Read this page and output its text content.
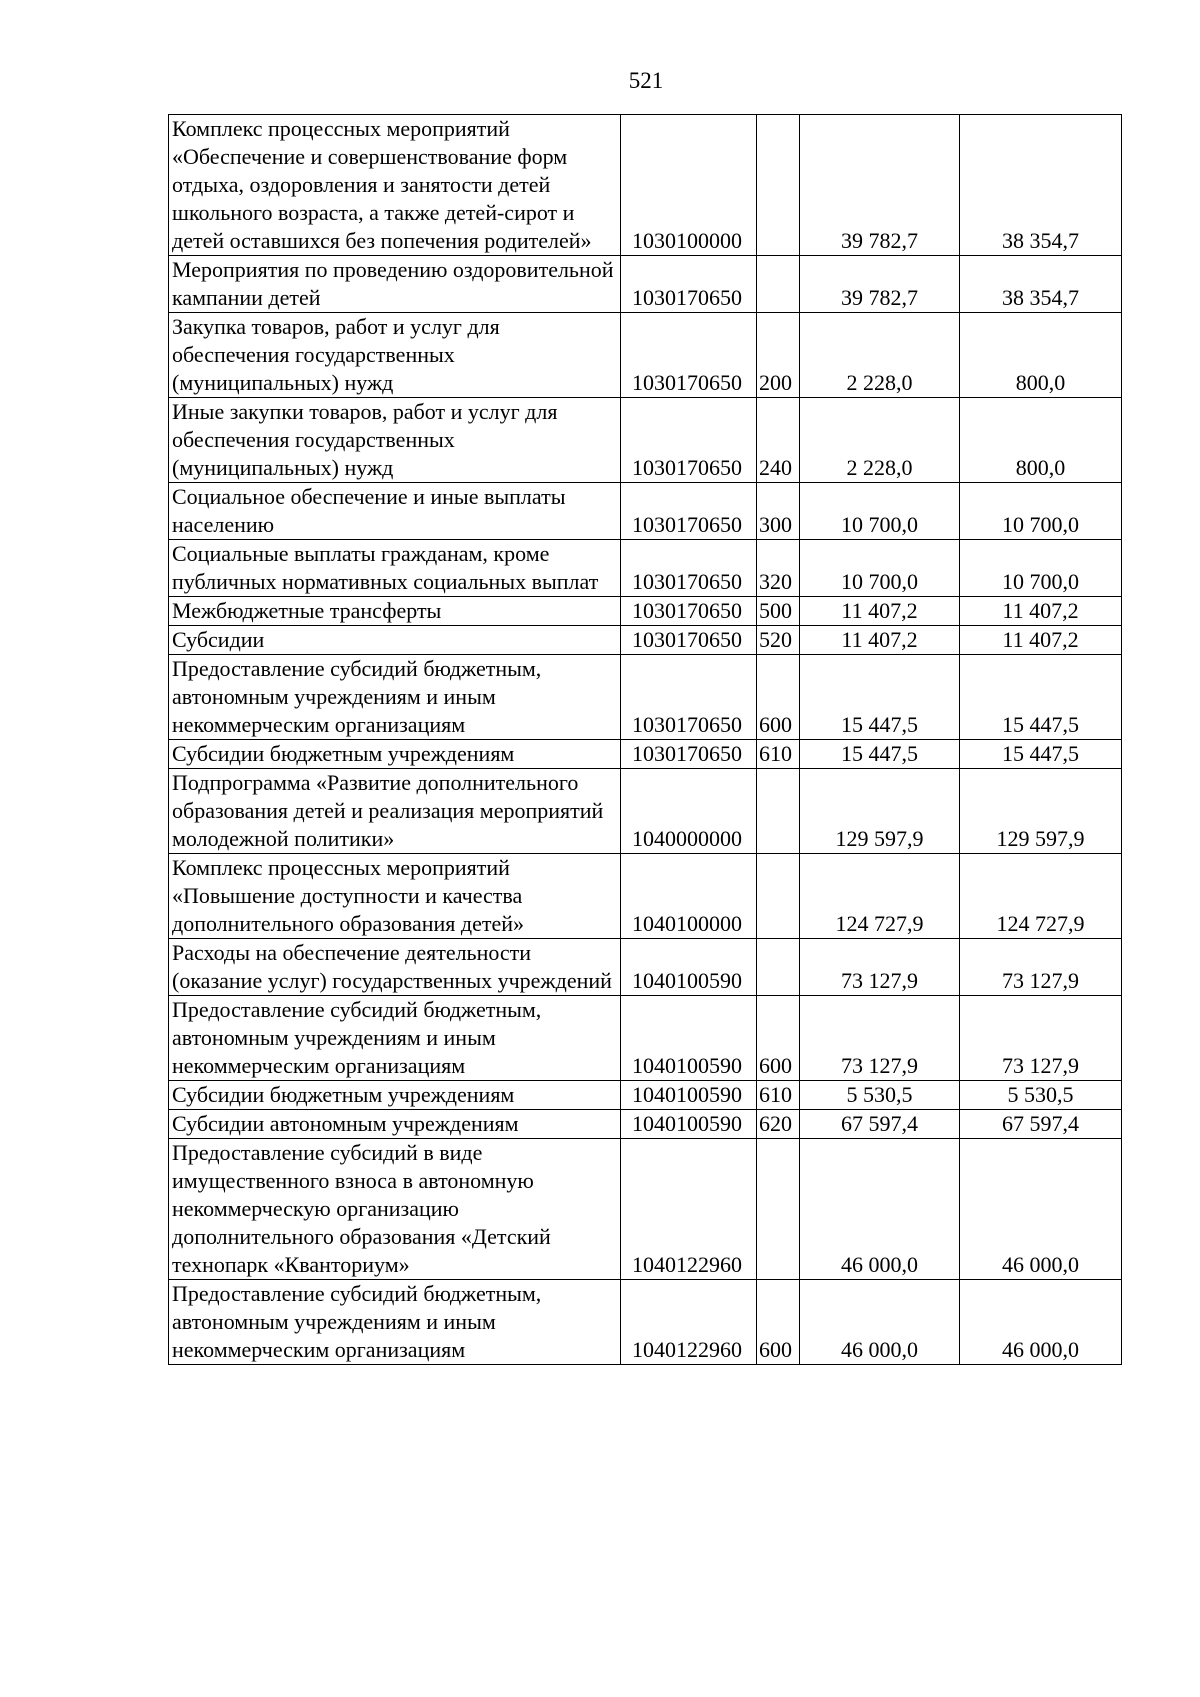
521
Комплекс процессных мероприятий «Обеспечение и совершенствование форм отдыха, оздоровления и занятости детей школьного возраста, а также детей-сирот и детей оставшихся без попечения родителей»	1030100000		39 782,7	38 354,7
Мероприятия по проведению оздоровительной кампании детей	1030170650		39 782,7	38 354,7
Закупка товаров, работ и услуг для обеспечения государственных (муниципальных) нужд	1030170650	200	2 228,0	800,0
Иные закупки товаров, работ и услуг для обеспечения государственных (муниципальных) нужд	1030170650	240	2 228,0	800,0
Социальное обеспечение и иные выплаты населению	1030170650	300	10 700,0	10 700,0
Социальные выплаты гражданам, кроме публичных нормативных социальных выплат	1030170650	320	10 700,0	10 700,0
Межбюджетные трансферты	1030170650	500	11 407,2	11 407,2
Субсидии	1030170650	520	11 407,2	11 407,2
Предоставление субсидий бюджетным, автономным учреждениям и иным некоммерческим организациям	1030170650	600	15 447,5	15 447,5
Субсидии бюджетным учреждениям	1030170650	610	15 447,5	15 447,5
Подпрограмма «Развитие дополнительного образования детей и реализация мероприятий молодежной политики»	1040000000		129 597,9	129 597,9
Комплекс процессных мероприятий «Повышение доступности и качества дополнительного образования детей»	1040100000		124 727,9	124 727,9
Расходы на обеспечение деятельности (оказание услуг) государственных учреждений	1040100590		73 127,9	73 127,9
Предоставление субсидий бюджетным, автономным учреждениям и иным некоммерческим организациям	1040100590	600	73 127,9	73 127,9
Субсидии бюджетным учреждениям	1040100590	610	5 530,5	5 530,5
Субсидии автономным учреждениям	1040100590	620	67 597,4	67 597,4
Предоставление субсидий в виде имущественного взноса в автономную некоммерческую организацию дополнительного образования «Детский технопарк «Кванториум»	1040122960		46 000,0	46 000,0
Предоставление субсидий бюджетным, автономным учреждениям и иным некоммерческим организациям	1040122960	600	46 000,0	46 000,0
